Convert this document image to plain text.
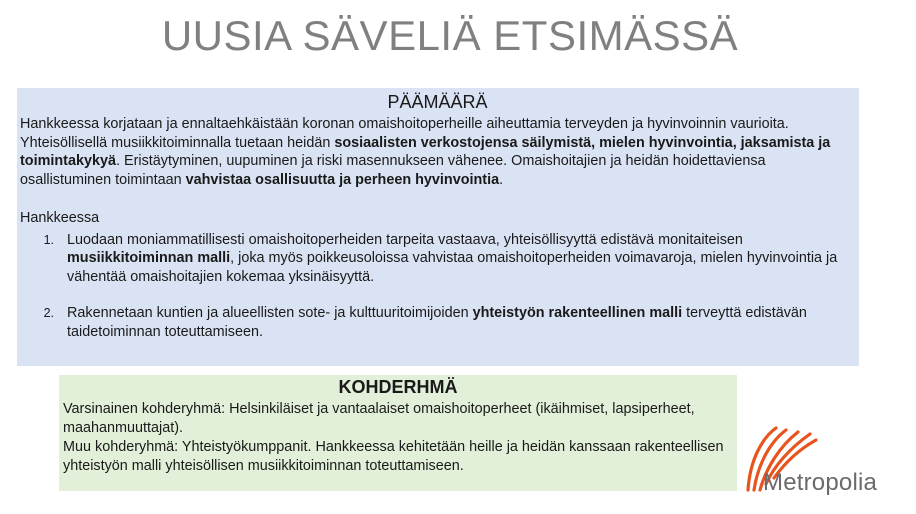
UUSIA SÄVELIÄ ETSIMÄSSÄ
PÄÄMÄÄRÄ

Hankkeessa korjataan ja ennaltaehkäistään koronan omaishoitoperheille aiheuttamia terveyden ja hyvinvoinnin vaurioita. Yhteisöllisellä musiikkitoiminnalla tuetaan heidän sosiaalisten verkostojensa säilymistä, mielen hyvinvointia, jaksamista ja toimintakykyä. Eristäytyminen, uupuminen ja riski masennukseen vähenee. Omaishoitajien ja heidän hoidettaviensa osallistuminen toimintaan vahvistaa osallisuutta ja perheen hyvinvointia.

Hankkeessa
1. Luodaan moniammatillisesti omaishoitoperheiden tarpeita vastaava, yhteisöllisyyttä edistävä monitaiteisen musiikkitoiminnan malli, joka myös poikkeusoloissa vahvistaa omaishoitoperheiden voimavaroja, mielen hyvinvointia ja vähentää omaishoitajien kokemaa yksinäisyyttä.
2. Rakennetaan kuntien ja alueellisten sote- ja kulttuuritoimijoiden yhteistyön rakenteellinen malli terveyttä edistävän taidetoiminnan toteuttamiseen.
KOHDERHMÄ

Varsinainen kohderyhmä: Helsinkiläiset ja vantaalaiset omaishoitoperheet (ikäihmiset, lapsiperheet, maahanmuuttajat).

Muu kohderyhmä: Yhteistyökumppanit. Hankkeessa kehitetään heille ja heidän kanssaan rakenteellisen yhteistyön malli yhteisöllisen musiikkitoiminnan toteuttamiseen.

Metropolia
